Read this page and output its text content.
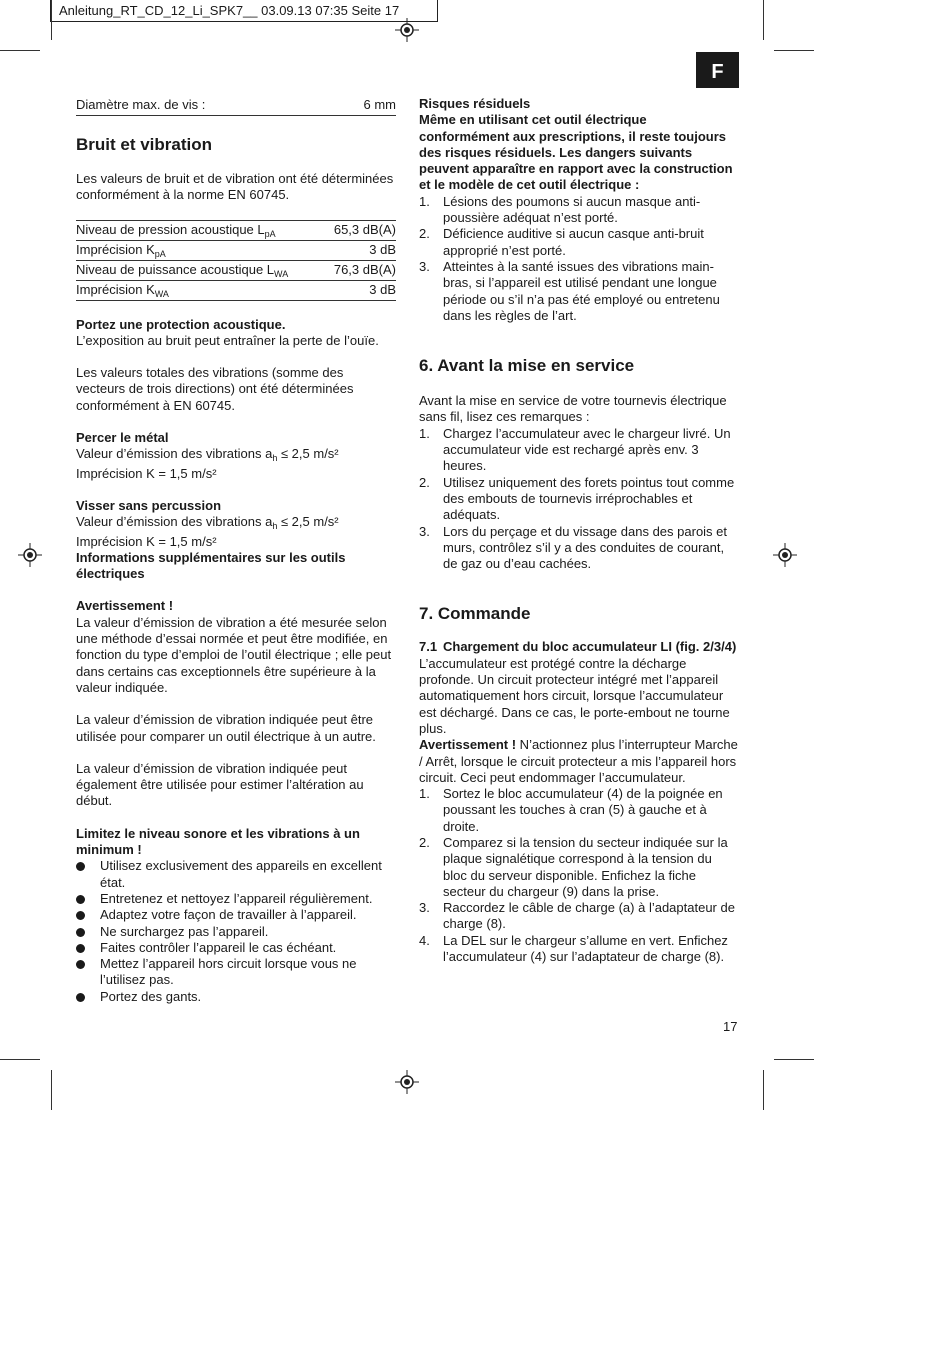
Anleitung_RT_CD_12_Li_SPK7__ 03.09.13 07:35 Seite 17
F
Diamètre max. de vis :	6 mm
Bruit et vibration

Les valeurs de bruit et de vibration ont été déterminées conformément à la norme EN 60745.

Niveau de pression acoustique $L_{pA}$	65,3 dB(A)
Imprécision $K_{pA}$	3 dB
Niveau de puissance acoustique $L_{WA}$	76,3 dB(A)
Imprécision $K_{WA}$	3 dB

Portez une protection acoustique.

L’exposition au bruit peut entraîner la perte de l’ouïe.

Les valeurs totales des vibrations (somme des vecteurs de trois directions) ont été déterminées conformément à EN 60745.

Percer le métal

Valeur d’émission des vibrations $a_h \le 2,5$ m/s²

Imprécision K = 1,5 m/s²

Visser sans percussion

Valeur d’émission des vibrations $a_h \le 2,5$ m/s²

Imprécision K = 1,5 m/s²

Informations supplémentaires sur les outils électriques

Avertissement !

La valeur d’émission de vibration a été mesurée selon une méthode d’essai normée et peut être modifiée, en fonction du type d’emploi de l’outil électrique ; elle peut dans certains cas exceptionnels être supérieure à la valeur indiquée.

La valeur d’émission de vibration indiquée peut être utilisée pour comparer un outil électrique à un autre.

La valeur d’émission de vibration indiquée peut également être utilisée pour estimer l’altération au début.

Limitez le niveau sonore et les vibrations à un minimum !

Utilisez exclusivement des appareils en excellent état.
Entretenez et nettoyez l’appareil régulièrement.
Adaptez votre façon de travailler à l’appareil.
Ne surchargez pas l’appareil.
Faites contrôler l’appareil le cas échéant.
Mettez l’appareil hors circuit lorsque vous ne l’utilisez pas.
Portez des gants.

Risques résiduels

Même en utilisant cet outil électrique conformément aux prescriptions, il reste toujours des risques résiduels. Les dangers suivants peuvent apparaître en rapport avec la construction et le modèle de cet outil électrique :

1. Lésions des poumons si aucun masque anti-poussière adéquat n’est porté.
2. Déficience auditive si aucun casque anti-bruit approprié n’est porté.
3. Atteintes à la santé issues des vibrations main-bras, si l’appareil est utilisé pendant une longue période ou s’il n’a pas été employé ou entretenu dans les règles de l’art.
6. Avant la mise en service

Avant la mise en service de votre tournevis électrique sans fil, lisez ces remarques :

1. Chargez l’accumulateur avec le chargeur livré. Un accumulateur vide est rechargé après env. 3 heures.
2. Utilisez uniquement des forets pointus tout comme des embouts de tournevis irréprochables et adéquats.
3. Lors du perçage et du vissage dans des parois et murs, contrôlez s’il y a des conduites de courant, de gaz ou d’eau cachées.
7. Commande
7.1 Chargement du bloc accumulateur LI (fig. 2/3/4)

L’accumulateur est protégé contre la décharge profonde. Un circuit protecteur intégré met l’appareil automatiquement hors circuit, lorsque l’accumulateur est déchargé. Dans ce cas, le porte-embout ne tourne plus.

Avertissement ! N’actionnez plus l’interrupteur Marche / Arrêt, lorsque le circuit protecteur a mis l’appareil hors circuit. Ceci peut endommager l’accumulateur.

1. Sortez le bloc accumulateur (4) de la poignée en poussant les touches à cran (5) à gauche et à droite.
2. Comparez si la tension du secteur indiquée sur la plaque signalétique correspond à la tension du bloc du serveur disponible. Enfichez la fiche secteur du chargeur (9) dans la prise.
3. Raccordez le câble de charge (a) à l’adaptateur de charge (8).
4. La DEL sur le chargeur s’allume en vert. Enfichez l’accumulateur (4) sur l’adaptateur de charge (8).
17
